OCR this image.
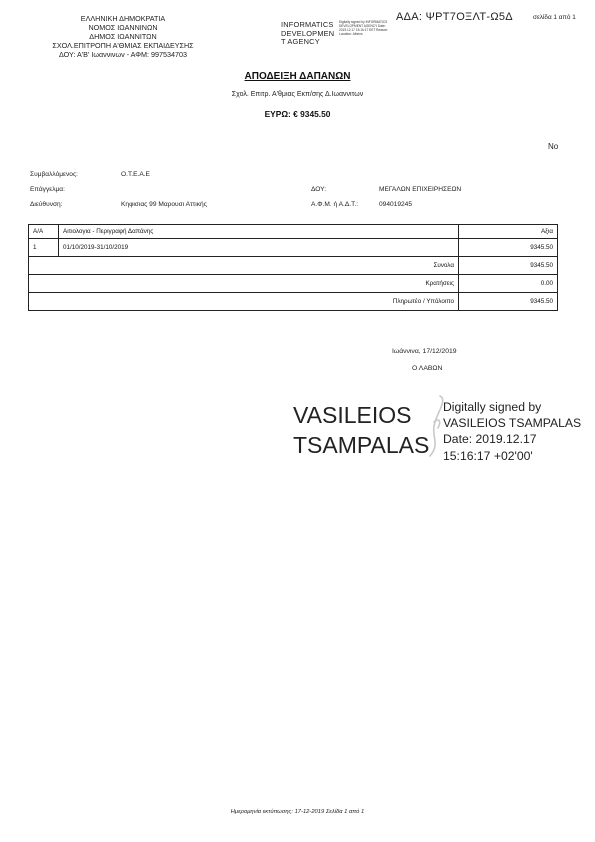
ΕΛΛΗΝΙΚΗ ΔΗΜΟΚΡΑΤΙΑ
ΝΟΜΟΣ ΙΩΑΝΝΙΝΩΝ
ΔΗΜΟΣ ΙΩΑΝΝΙΤΩΝ
ΣΧΟΛ.ΕΠΙΤΡΟΠΗ Α'ΘΜΙΑΣ ΕΚΠΑΙΔΕΥΣΗΣ
ΔΟΥ: Α'Β' Ιωαννινων - ΑΦΜ: 997534703
INFORMATICS
DEVELOPMEN
T AGENCY
Digitally signed by INFORMATICS DEVELOPMENT AGENCY Date: 2019.12.17 15:16:17 EET Reason: Location: Athens
ΑΔΑ: ΨΡΤ7ΟΞΛΤ-Ω5Δ	σελίδα 1 από 1
ΑΠΟΔΕΙΞΗ ΔΑΠΑΝΩΝ
Σχολ. Επιτρ. Α'θμιας Εκπ/σης Δ.Ιωαννιτων
ΕΥΡΩ: € 9345.50
Νο
Συμβαλλόμενος:	Ο.Τ.Ε.Α.Ε
Επάγγελμα:	ΔΟΥ:	ΜΕΓΑΛΩΝ ΕΠΙΧΕΙΡΗΣΕΩΝ
Διεύθυνση:	Κηφισιας 99 Μαρουσι Αττικής	Α.Φ.Μ. ή Α.Δ.Τ.:	094019245
Α/Α	Αιτιολογια - Περιγραφή Δαπάνης	Αξια
1	01/10/2019-31/10/2019	9345.50
Συνολα		9345.50
Κρατήσεις		0.00
Πληρωτέο / Υπόλοιπο		9345.50
Ιωάννινα, 17/12/2019
Ο ΛΑΒΩΝ
VASILEIOS
TSAMPALAS
Digitally signed by
VASILEIOS TSAMPALAS
Date: 2019.12.17
15:16:17 +02'00'
Ημερομηνία εκτύπωσης: 17-12-2019 Σελίδα 1 από 1
